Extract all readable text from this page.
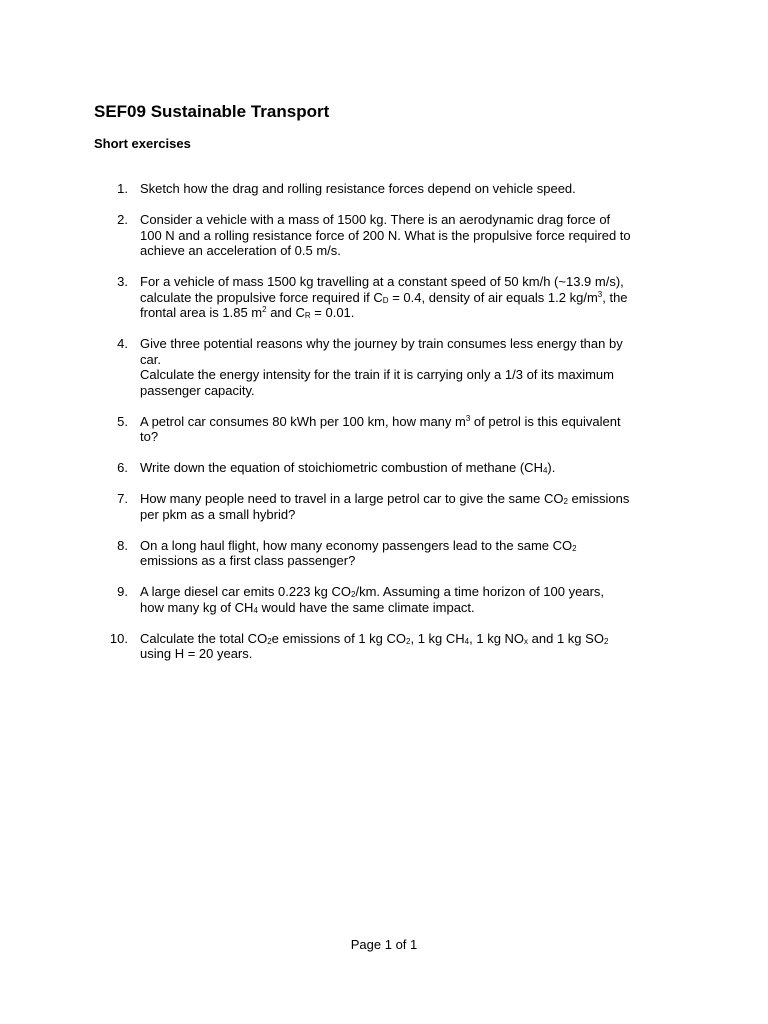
SEF09 Sustainable Transport
Short exercises
1. Sketch how the drag and rolling resistance forces depend on vehicle speed.
2. Consider a vehicle with a mass of 1500 kg. There is an aerodynamic drag force of
100 N and a rolling resistance force of 200 N. What is the propulsive force required to
achieve an acceleration of 0.5 m/s.
3. For a vehicle of mass 1500 kg travelling at a constant speed of 50 km/h (~13.9 m/s),
calculate the propulsive force required if $C_D = 0.4$, density of air equals 1.2 $kg/m^3$, the
frontal area is 1.85 $m^2$ and $C_R = 0.01$.
4. Give three potential reasons why the journey by train consumes less energy than by
car.
Calculate the energy intensity for the train if it is carrying only a 1/3 of its maximum
passenger capacity.
5. A petrol car consumes 80 kWh per 100 km, how many $m^3$ of petrol is this equivalent
to?
6. Write down the equation of stoichiometric combustion of methane $(CH_4)$.
7. How many people need to travel in a large petrol car to give the same $CO_2$ emissions
per pkm as a small hybrid?
8. On a long haul flight, how many economy passengers lead to the same $CO_2$
emissions as a first class passenger?
9. A large diesel car emits 0.223 kg $CO_2/km$. Assuming a time horizon of 100 years,
how many kg of $CH_4$ would have the same climate impact.
10. Calculate the total $CO_2e$ emissions of 1 kg $CO_2$, 1 kg $CH_4$, 1 kg $NO_x$ and 1 kg $SO_2$
using H = 20 years.
Page 1 of 1
